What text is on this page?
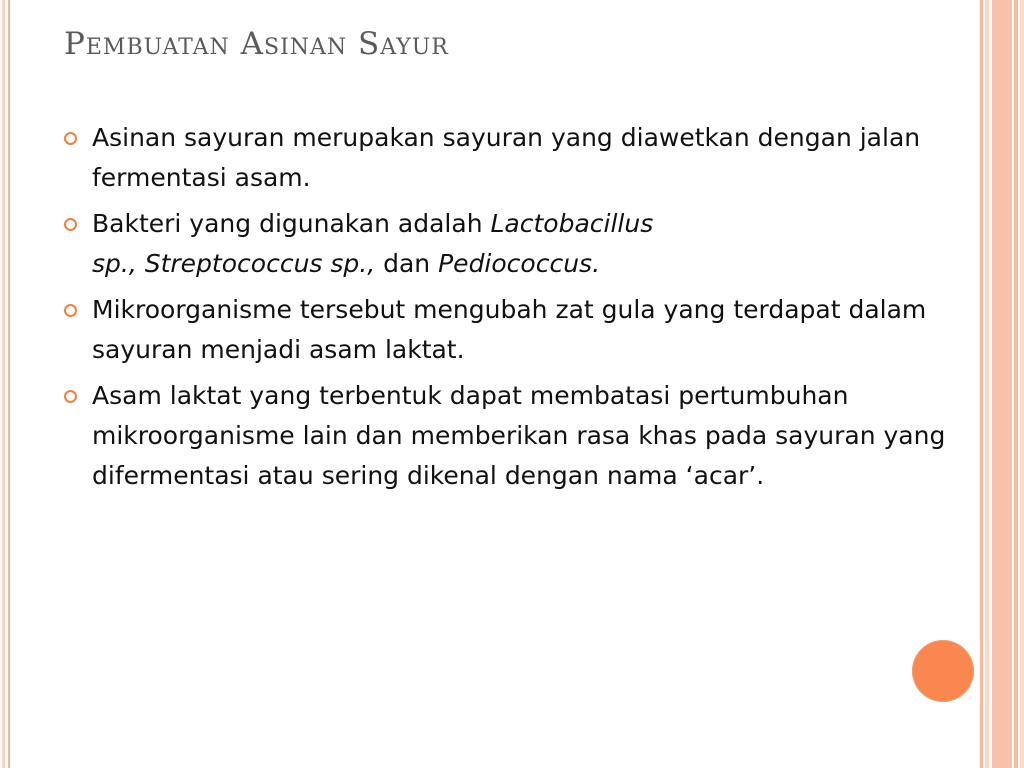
Pembuatan Asinan Sayur
Asinan sayuran merupakan sayuran yang diawetkan dengan jalan fermentasi asam.
Bakteri yang digunakan adalah Lactobacillus
sp., Streptococcus sp., dan Pediococcus.
Mikroorganisme tersebut mengubah zat gula yang terdapat dalam sayuran menjadi asam laktat.
Asam laktat yang terbentuk dapat membatasi pertumbuhan mikroorganisme lain dan memberikan rasa khas pada sayuran yang difermentasi atau sering dikenal dengan nama ‘acar’.
